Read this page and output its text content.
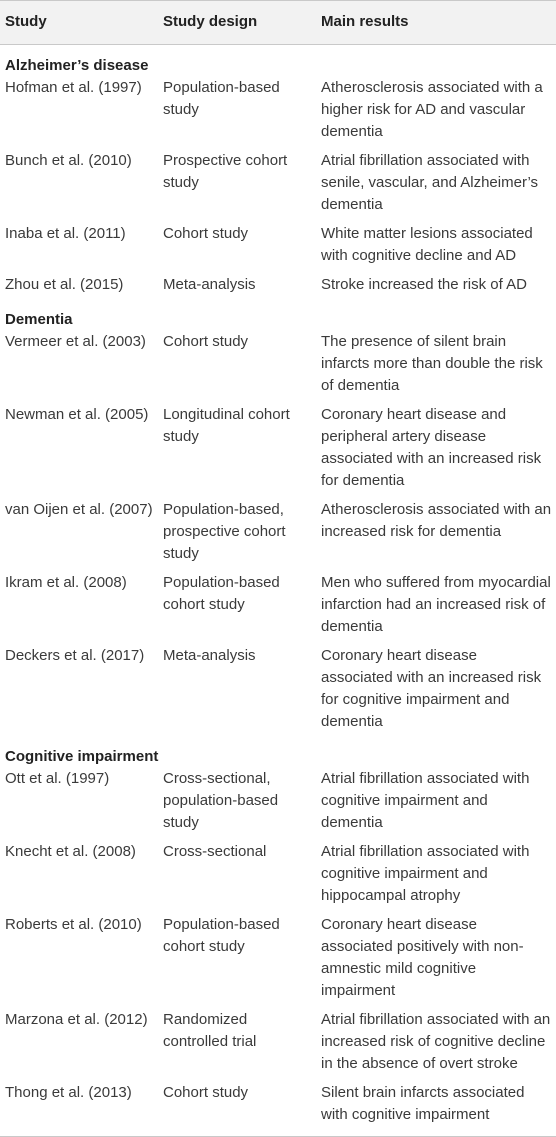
Study	Study design	Main results
Alzheimer’s disease		
Hofman et al. (1997)	Population-based study	Atherosclerosis associated with a higher risk for AD and vascular dementia
Bunch et al. (2010)	Prospective cohort study	Atrial fibrillation associated with senile, vascular, and Alzheimer’s dementia
Inaba et al. (2011)	Cohort study	White matter lesions associated with cognitive decline and AD
Zhou et al. (2015)	Meta-analysis	Stroke increased the risk of AD
Dementia		
Vermeer et al. (2003)	Cohort study	The presence of silent brain infarcts more than double the risk of dementia
Newman et al. (2005)	Longitudinal cohort study	Coronary heart disease and peripheral artery disease associated with an increased risk for dementia
van Oijen et al. (2007)	Population-based, prospective cohort study	Atherosclerosis associated with an increased risk for dementia
Ikram et al. (2008)	Population-based cohort study	Men who suffered from myocardial infarction had an increased risk of dementia
Deckers et al. (2017)	Meta-analysis	Coronary heart disease associated with an increased risk for cognitive impairment and dementia
Cognitive impairment		
Ott et al. (1997)	Cross-sectional, population-based study	Atrial fibrillation associated with cognitive impairment and dementia
Knecht et al. (2008)	Cross-sectional	Atrial fibrillation associated with cognitive impairment and hippocampal atrophy
Roberts et al. (2010)	Population-based cohort study	Coronary heart disease associated positively with non-amnestic mild cognitive impairment
Marzona et al. (2012)	Randomized controlled trial	Atrial fibrillation associated with an increased risk of cognitive decline in the absence of overt stroke
Thong et al. (2013)	Cohort study	Silent brain infarcts associated with cognitive impairment
